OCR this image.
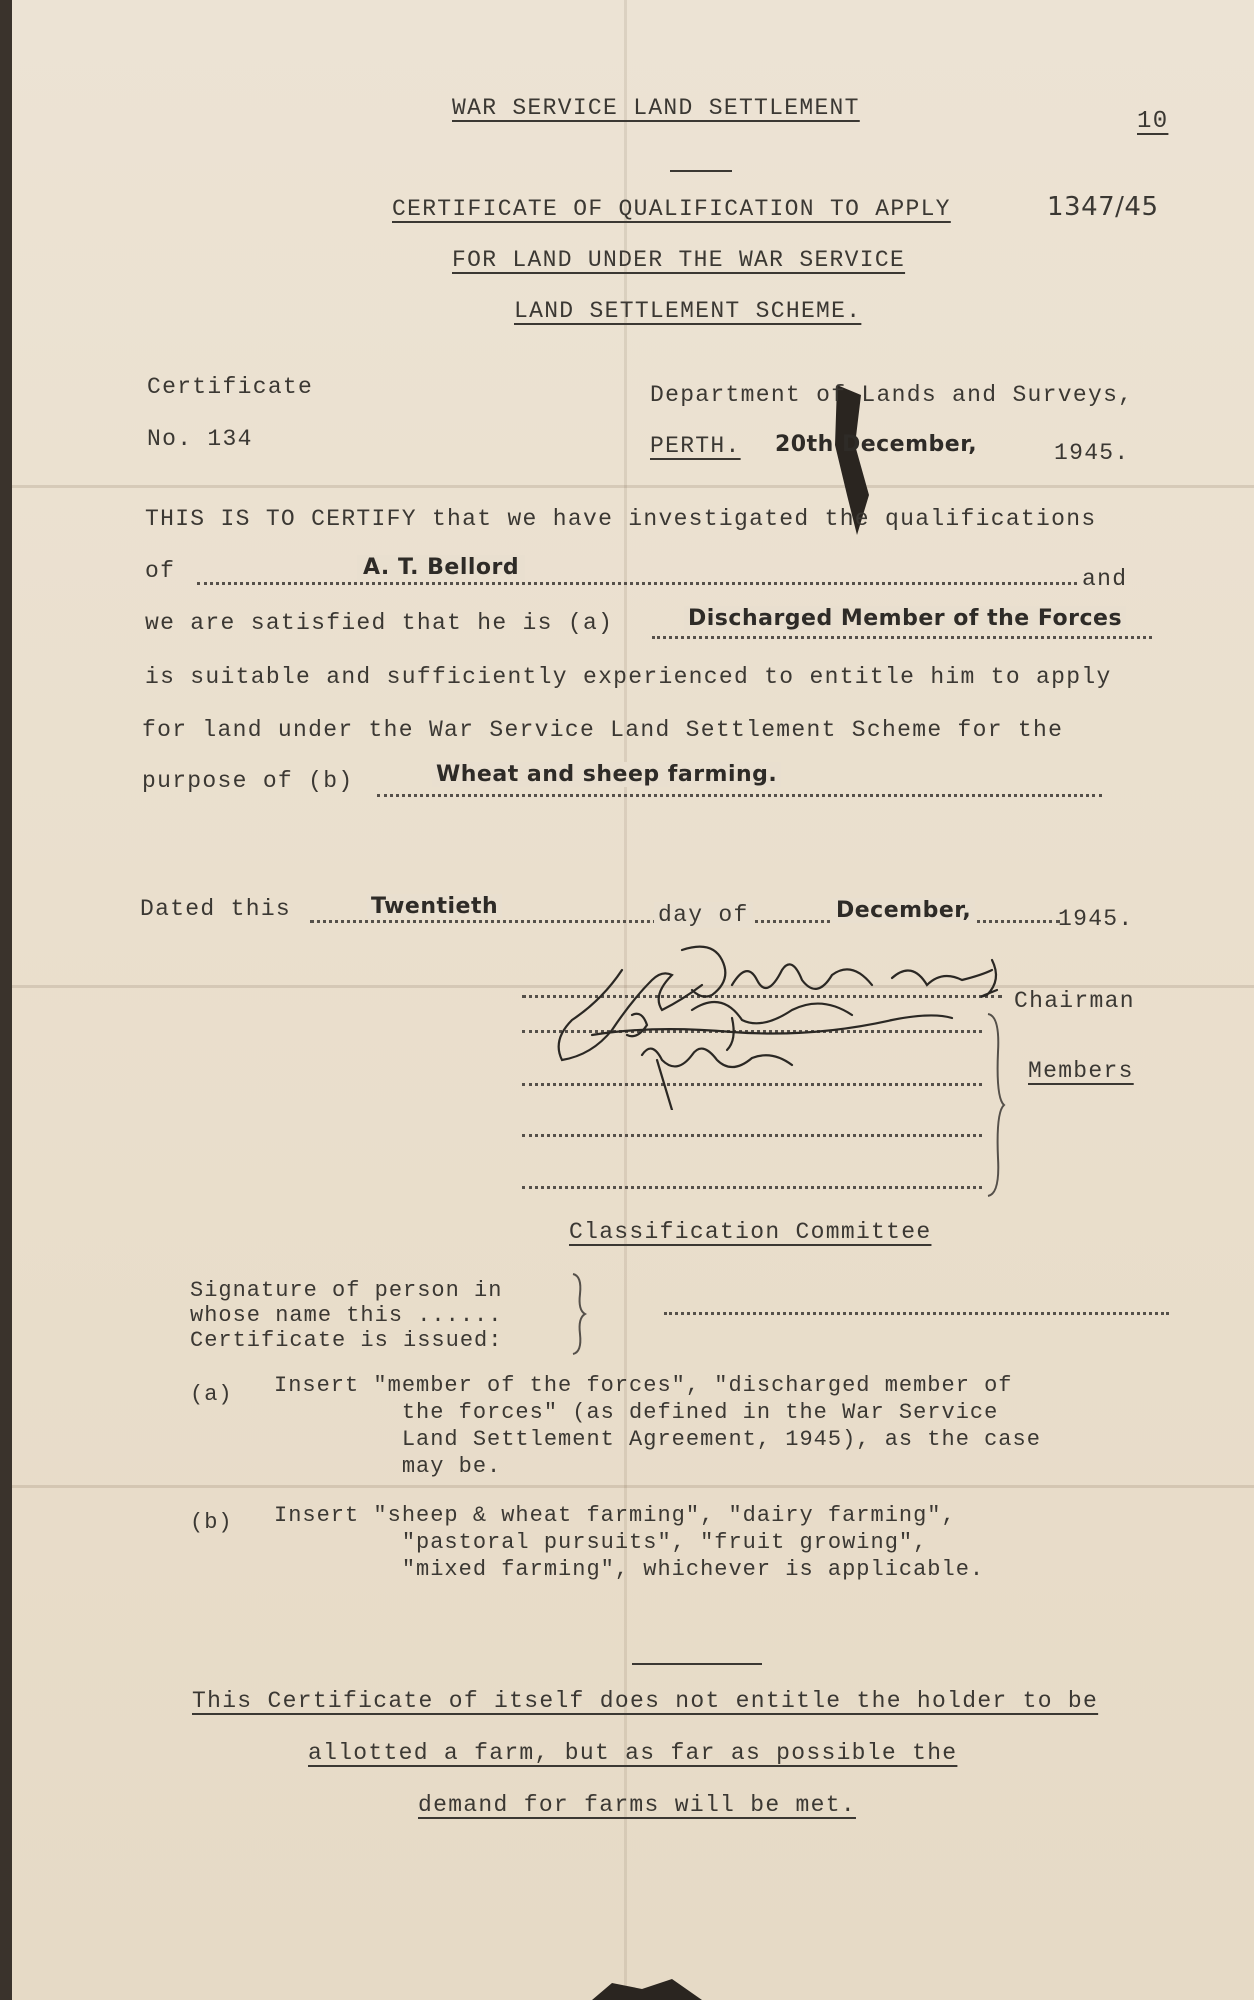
WAR SERVICE LAND SETTLEMENT	10
CERTIFICATE OF QUALIFICATION TO APPLY	1347/45
FOR LAND UNDER THE WAR SERVICE
LAND SETTLEMENT SCHEME.
Certificate
No. 134
Department of Lands and Surveys,
PERTH. 20th December,	1945.
THIS IS TO CERTIFY that we have investigated the qualifications
of	A. T. Bellord	and
we are satisfied that he is (a)	Discharged Member of the Forces
is suitable and sufficiently experienced to entitle him to apply
for land under the War Service Land Settlement Scheme for the
purpose of (b)	Wheat and sheep farming.
Dated this	Twentieth	day of	December,	1945.
Chairman
Members
Classification Committee
Signature of person in
whose name this ......
Certificate is issued:
(a) Insert "member of the forces", "discharged member of
the forces" (as defined in the War Service
Land Settlement Agreement, 1945), as the case
may be.
(b) Insert "sheep & wheat farming", "dairy farming",
"pastoral pursuits", "fruit growing",
"mixed farming", whichever is applicable.
This Certificate of itself does not entitle the holder to be
allotted a farm, but as far as possible the
demand for farms will be met.
